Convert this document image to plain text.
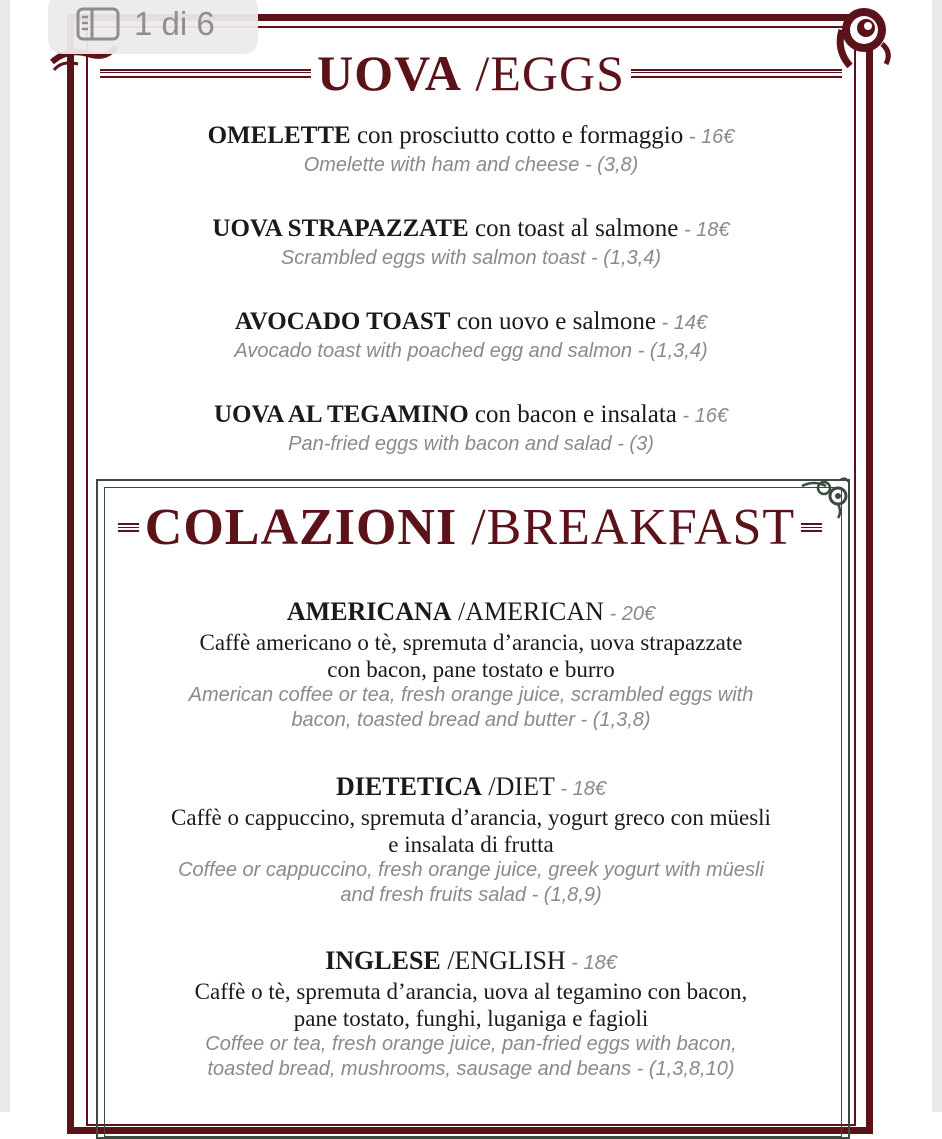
1 di 6
UOVA /EGGS
OMELETTE con prosciutto cotto e formaggio - 16€
Omelette with ham and cheese - (3,8)
UOVA STRAPAZZATE con toast al salmone - 18€
Scrambled eggs with salmon toast - (1,3,4)
AVOCADO TOAST con uovo e salmone - 14€
Avocado toast with poached egg and salmon - (1,3,4)
UOVA AL TEGAMINO con bacon e insalata - 16€
Pan-fried eggs with bacon and salad - (3)
COLAZIONI /BREAKFAST
AMERICANA /AMERICAN - 20€
Caffè americano o tè, spremuta d’arancia, uova strapazzate
con bacon, pane tostato e burro
American coffee or tea, fresh orange juice, scrambled eggs with
bacon, toasted bread and butter - (1,3,8)
DIETETICA /DIET - 18€
Caffè o cappuccino, spremuta d’arancia, yogurt greco con müesli
e insalata di frutta
Coffee or cappuccino, fresh orange juice, greek yogurt with müesli
and fresh fruits salad - (1,8,9)
INGLESE /ENGLISH - 18€
Caffè o tè, spremuta d’arancia, uova al tegamino con bacon,
pane tostato, funghi, luganiga e fagioli
Coffee or tea, fresh orange juice, pan-fried eggs with bacon,
toasted bread, mushrooms, sausage and beans - (1,3,8,10)
